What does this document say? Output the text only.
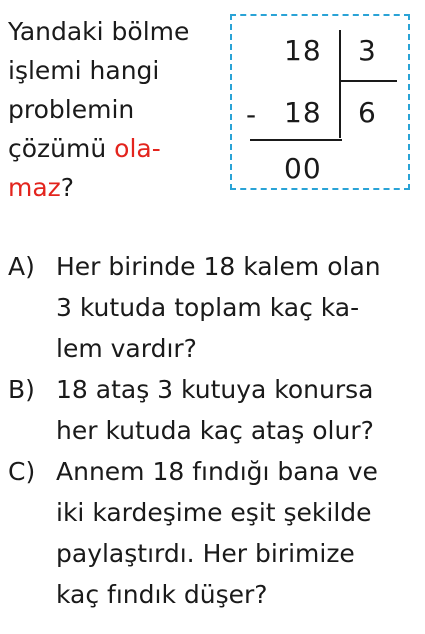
Yandaki bölme
işlemi hangi
problemin
çözümü ola-
maz?
18 3
- 18 6
00
A) Her birinde 18 kalem olan
3 kutuda toplam kaç ka-
lem vardır?
B) 18 ataş 3 kutuya konursa
her kutuda kaç ataş olur?
C) Annem 18 fındığı bana ve
iki kardeşime eşit şekilde
paylaştırdı. Her birimize
kaç fındık düşer?
